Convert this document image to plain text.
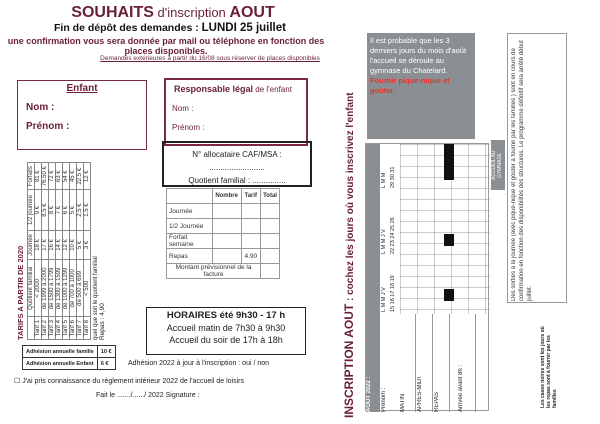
SOUHAITS d'inscription AOUT
Fin de dépôt des demandes : LUNDI 25 juillet
une confirmation vous sera donnée par mail ou téléphone en fonction des places disponibles.
Demandes extérieures à partir du 16/08 sous réserver de places disponibles
Enfant
Nom :
Prénom :
Responsable légal de l'enfant
Nom :
Prénom :
N° allocataire CAF/MSA :
.........................
Quotient familial : ...............
TARIFS A PARTIR DE 2020
	Quotient familial	Journée	1/2 journée	Forfaits
Tarif 1	< 2000	18 €	9 €	81 €
Tarif 2	de 1999 à 2000	17 €	8.5 €	76.50 €
Tarif 3	de 1500 à 1799	16 €	8 €	72 €
Tarif 4	de 1300 à 1599	14 €	7 €	63 €
Tarif 5	de 1000 à 1299	12 €	6 €	54 €
Tarif 6	de 700 à 1000	10 €	5 €	45 €
Tarif 7	de 500 à 699	5 €	2.5 €	22.5 €
Tarif 8	< 500	3 €	1.5 €	12 €
quel que soit le quotient familial Repas : 4,90
	Nombre	Tarif	Total
Journée			
1/2 Journée			
Forfait semaine			
Repas		4.90	
Montant prévisionnel de la facture			
HORAIRES été 9h30 - 17 h
Accueil matin de 7h30 à 9h30
Accueil du soir de 17h à 18h
Adhésion annuelle famille	10 €
Adhésion annuelle Enfant	6 €	Adhésion 2022 à jour à l'inscription : oui / non
☐ J'ai pris connaissance du règlement intérieur 2022 de l'accueil de loisirs
Fait le ......./....../ 2022 Signature :	INSCRIPTION AOUT : cochez les jours où vous inscrivez l'enfant
AOUT 2022 :	Prénom :	MATIN	APRES-MIDI	REPAS	Arrivée avant 8h :
L M M J V
15 16 17 18 19
L M M J V
22 23 24 25 26
L M M
29 30 31
Il est probable que les 3 derniers jours du mois d'août l'accueil se déroule au gymnase du Chatelard. Fournir pique-nique et goûter.
ACCUEIL AU GYMNASE	Des sorties à la journée (avec pique-nique et goûter à fournir par les familles ) sont en cours de confirmation en fonction des disponibilités des structures. Le programme définitif sera arrêté début juillet.
Les cases noires sont les jours où les repas sont à fournir par les familles
